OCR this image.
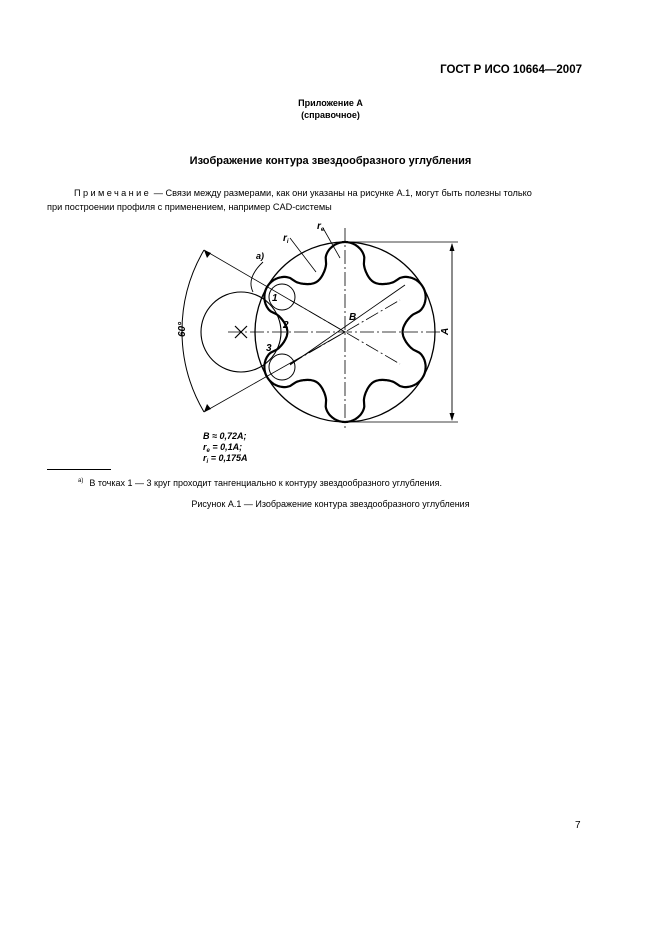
ГОСТ Р ИСО 10664—2007
Приложение А
(справочное)
Изображение контура звездообразного углубления
Примечание — Связи между размерами, как они указаны на рисунке А.1, могут быть полезны только
при построении профиля с применением, например CAD-системы
a)
$r_i$
$r_e$
1
2
3
B
60°	A
B ≈ 0,72A;
$r_e = 0,1A$;
$r_i = 0,175A$
$^{a)}$ В точках 1 — 3 круг проходит тангенциально к контуру звездообразного углубления.
Рисунок А.1 — Изображение контура звездообразного углубления
7
